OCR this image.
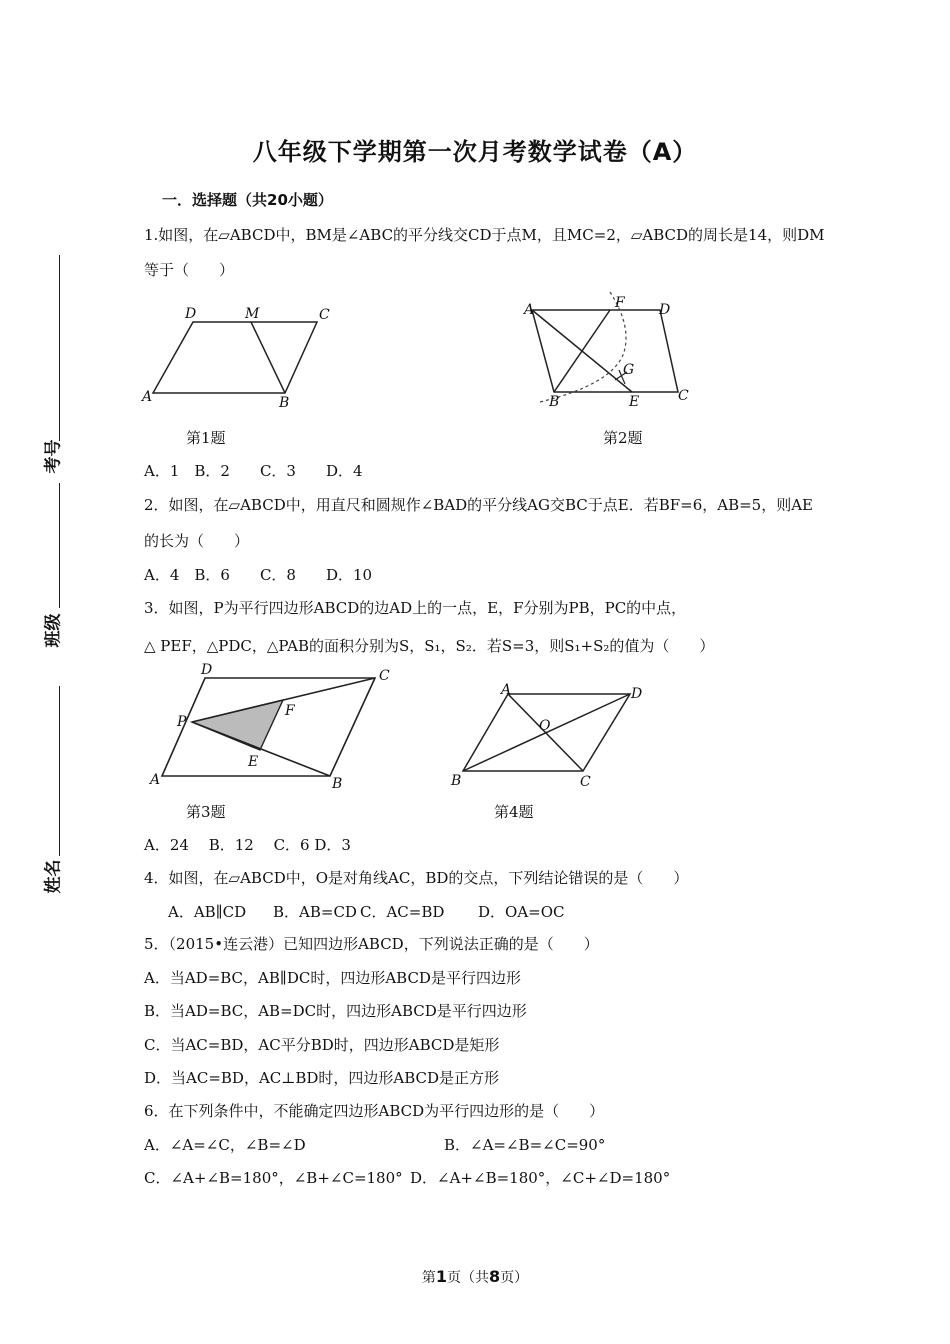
八年级下学期第一次月考数学试卷（A）
一．选择题（共20小题）
考号
班级
姓名
1.如图，在▱ABCD中，BM是∠ABC的平分线交CD于点M，且MC=2，▱ABCD的周长是14，则DM
等于（　　）
A	B
C
D	M
第1题
A
B	C
D
E
F
G
第2题
A．1　B．2　　C．3　　D．4
2．如图，在▱ABCD中，用直尺和圆规作∠BAD的平分线AG交BC于点E．若BF=6，AB=5，则AE
的长为（　　）
A．4　B．6　　C．8　　D．10
3．如图，P为平行四边形ABCD的边AD上的一点，E，F分别为PB，PC的中点，
△ PEF，△PDC，△PAB的面积分别为S，S₁，S₂．若S=3，则S₁+S₂的值为（　　）
A	B
C
D
E
F
P
第3题
A
B	C
D
O
第4题
A．24　 B．12　 C．6 D．3
4．如图，在▱ABCD中，O是对角线AC，BD的交点，下列结论错误的是（　　）
A．AB∥CD B．AB=CD C．AC=BD D．OA=OC
5．（2015•连云港）已知四边形ABCD，下列说法正确的是（　　）
A．当AD=BC，AB∥DC时，四边形ABCD是平行四边形
B．当AD=BC，AB=DC时，四边形ABCD是平行四边形
C．当AC=BD，AC平分BD时，四边形ABCD是矩形
D．当AC=BD，AC⊥BD时，四边形ABCD是正方形
6．在下列条件中，不能确定四边形ABCD为平行四边形的是（　　）
A．∠A=∠C，∠B=∠D	B．∠A=∠B=∠C=90°
C．∠A+∠B=180°，∠B+∠C=180° D．∠A+∠B=180°，∠C+∠D=180°
第1页（共8页）
